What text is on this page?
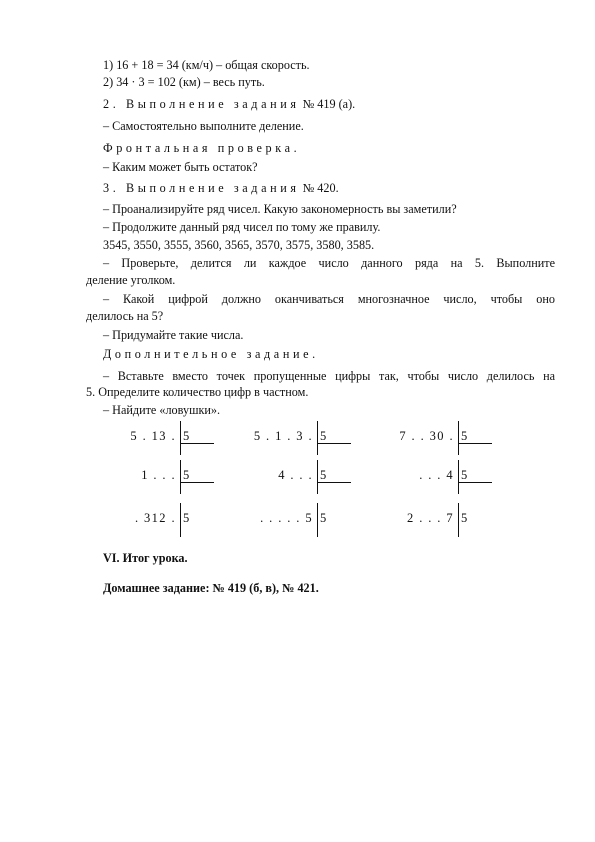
1) 16 + 18 = 34 (км/ч) – общая скорость.
2) 34 · 3 = 102 (км) – весь путь.
2. Выполнение задания № 419 (а).
– Самостоятельно выполните деление.
Фронтальная проверка.
– Каким может быть остаток?
3. Выполнение задания № 420.
– Проанализируйте ряд чисел. Какую закономерность вы заметили?
– Продолжите данный ряд чисел по тому же правилу.
3545, 3550, 3555, 3560, 3565, 3570, 3575, 3580, 3585.
– Проверьте, делится ли каждое число данного ряда на 5. Выполните
деление уголком.
– Какой цифрой должно оканчиваться многозначное число, чтобы оно
делилось на 5?
– Придумайте такие числа.
Дополнительное задание.
– Вставьте вместо точек пропущенные цифры так, чтобы число делилось на
5. Определите количество цифр в частном.
– Найдите «ловушки».
5 . 13 . 5	5 . 1 . 3 . 5	7 . . 30 . 5
1 . . . 5	4 . . . 5	. . . 4 5
. 312 . 5	. . . . . 5 5	2 . . . 7 5
VI. Итог урока.
Домашнее задание: № 419 (б, в), № 421.
